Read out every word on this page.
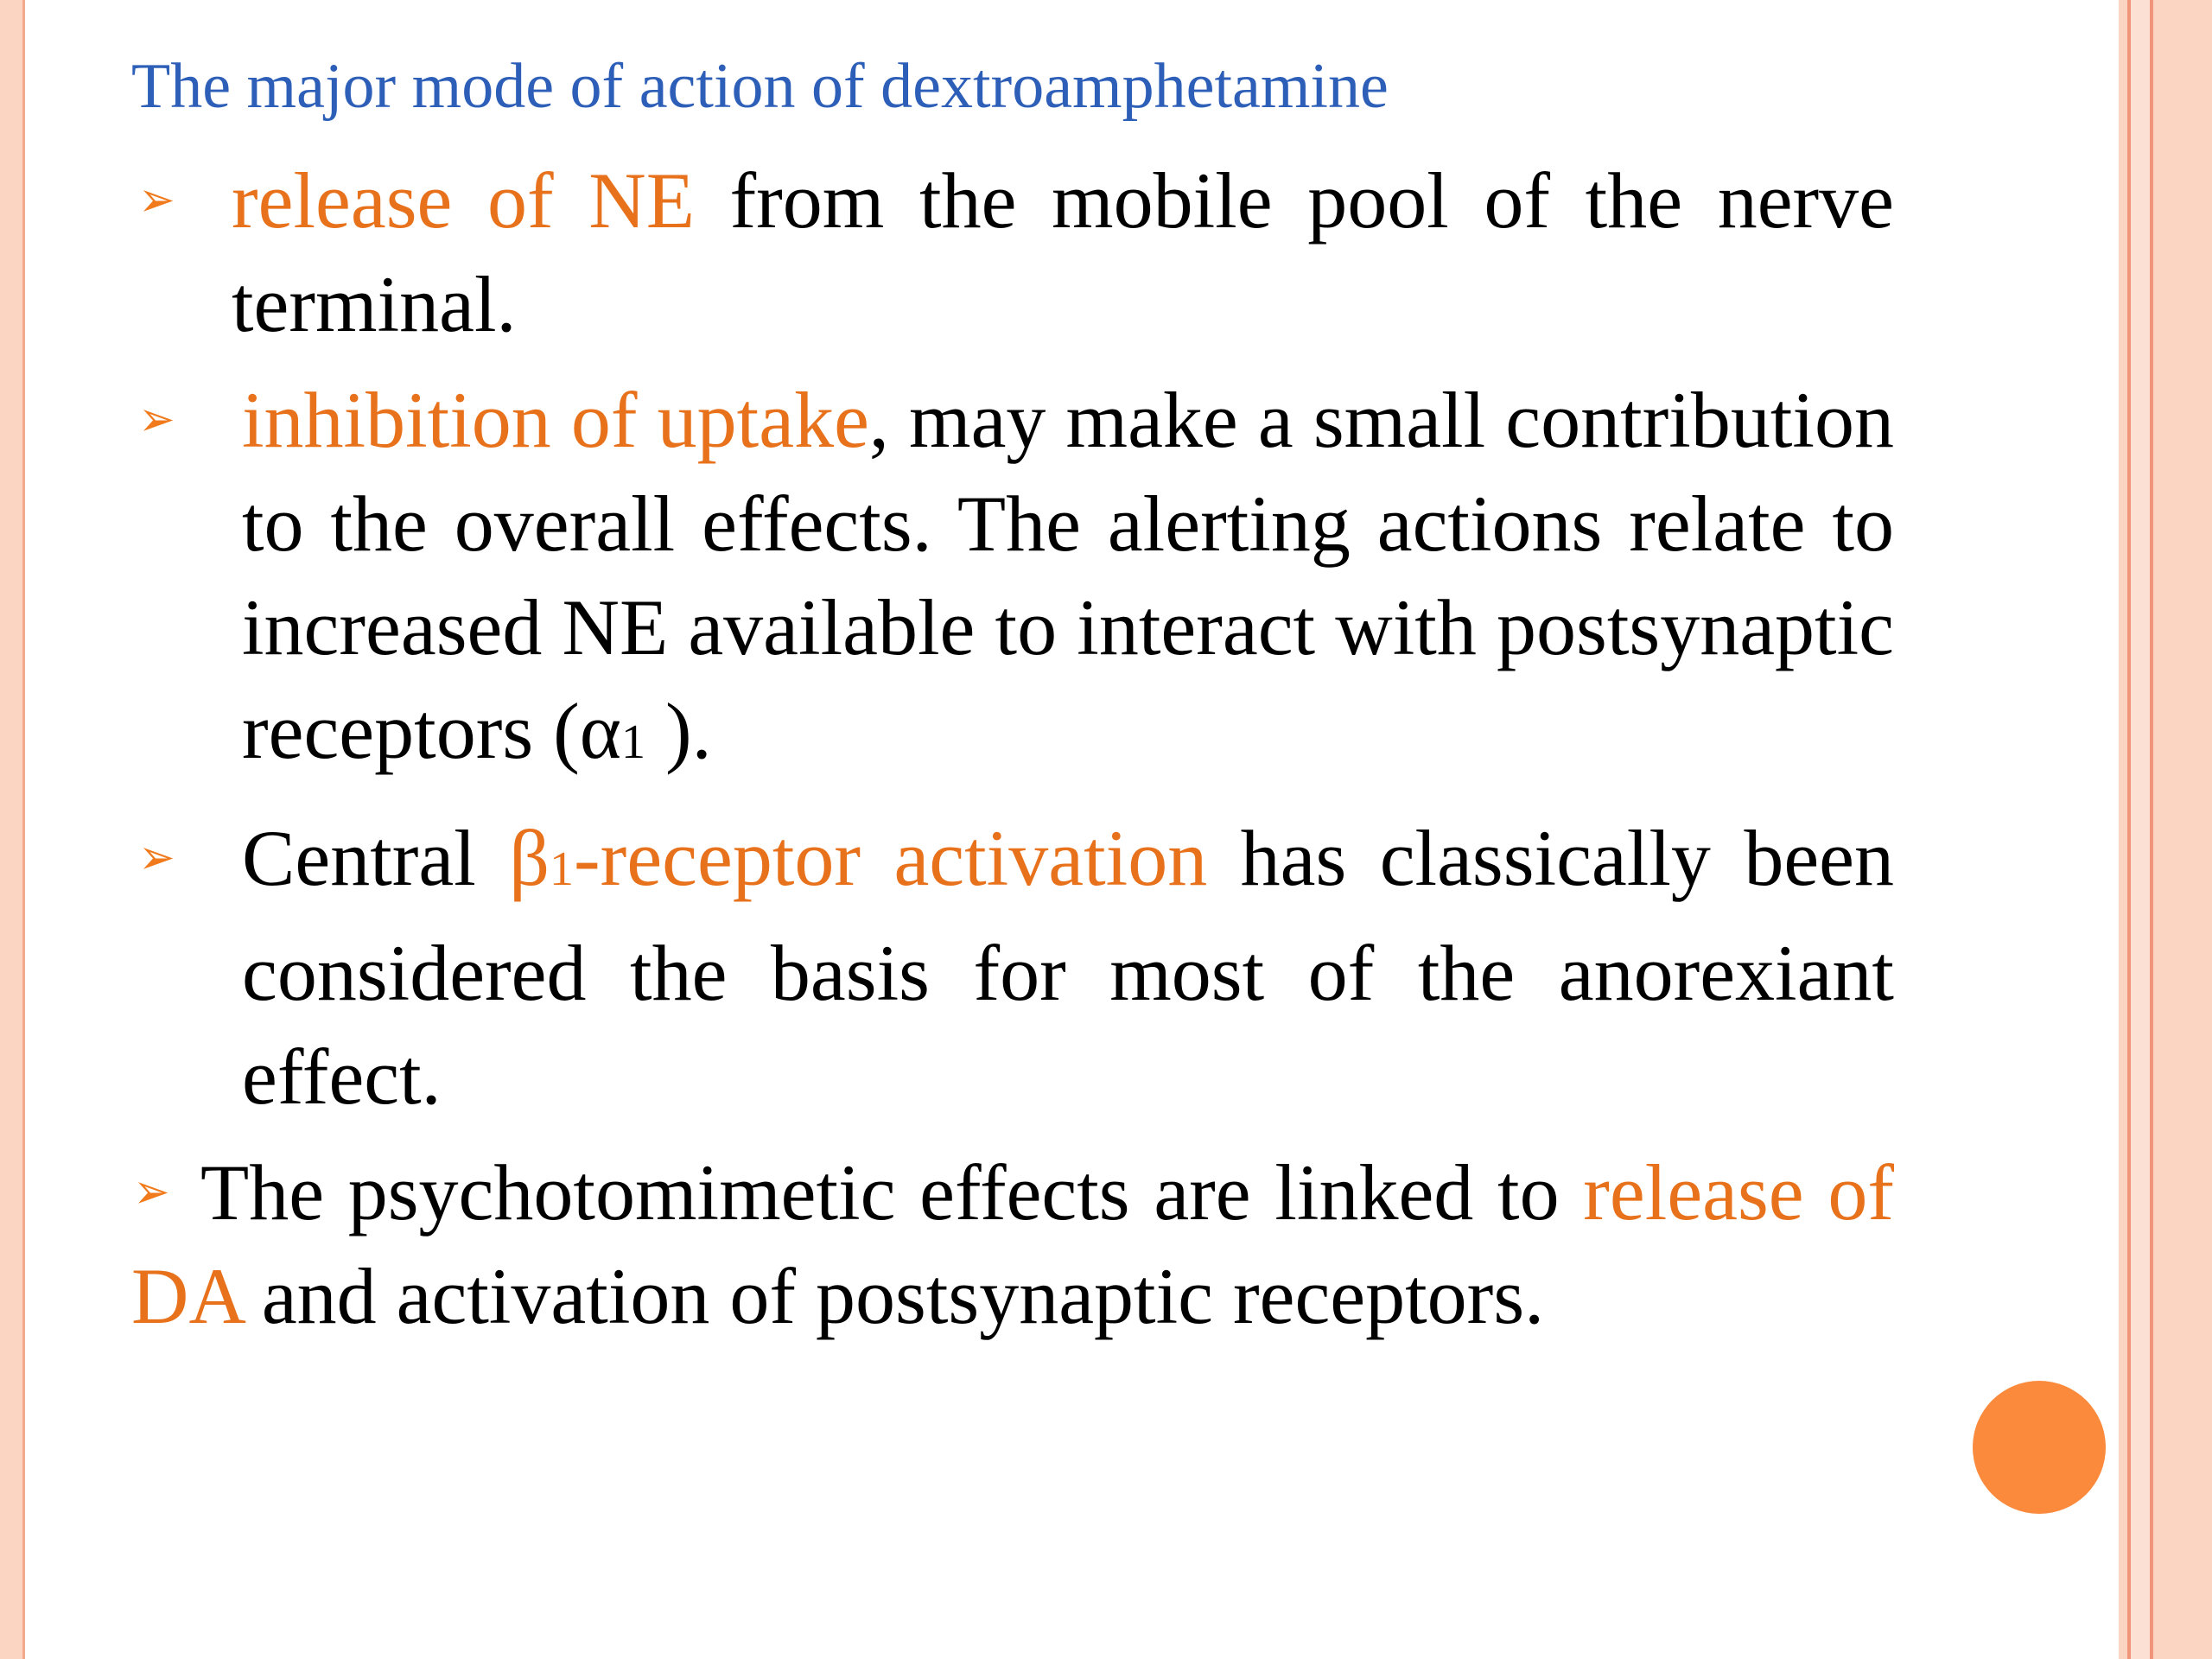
The major mode of action of dextroamphetamine

➢ release of NE from the mobile pool of the nerve terminal.

➢ inhibition of uptake, may make a small contribution to the overall effects. The alerting actions relate to increased NE available to interact with postsynaptic receptors (α1 ).

➢ Central β1-receptor activation has classically been considered the basis for most of the anorexiant effect.

➢ The psychotomimetic effects are linked to release of DA and activation of postsynaptic receptors.
